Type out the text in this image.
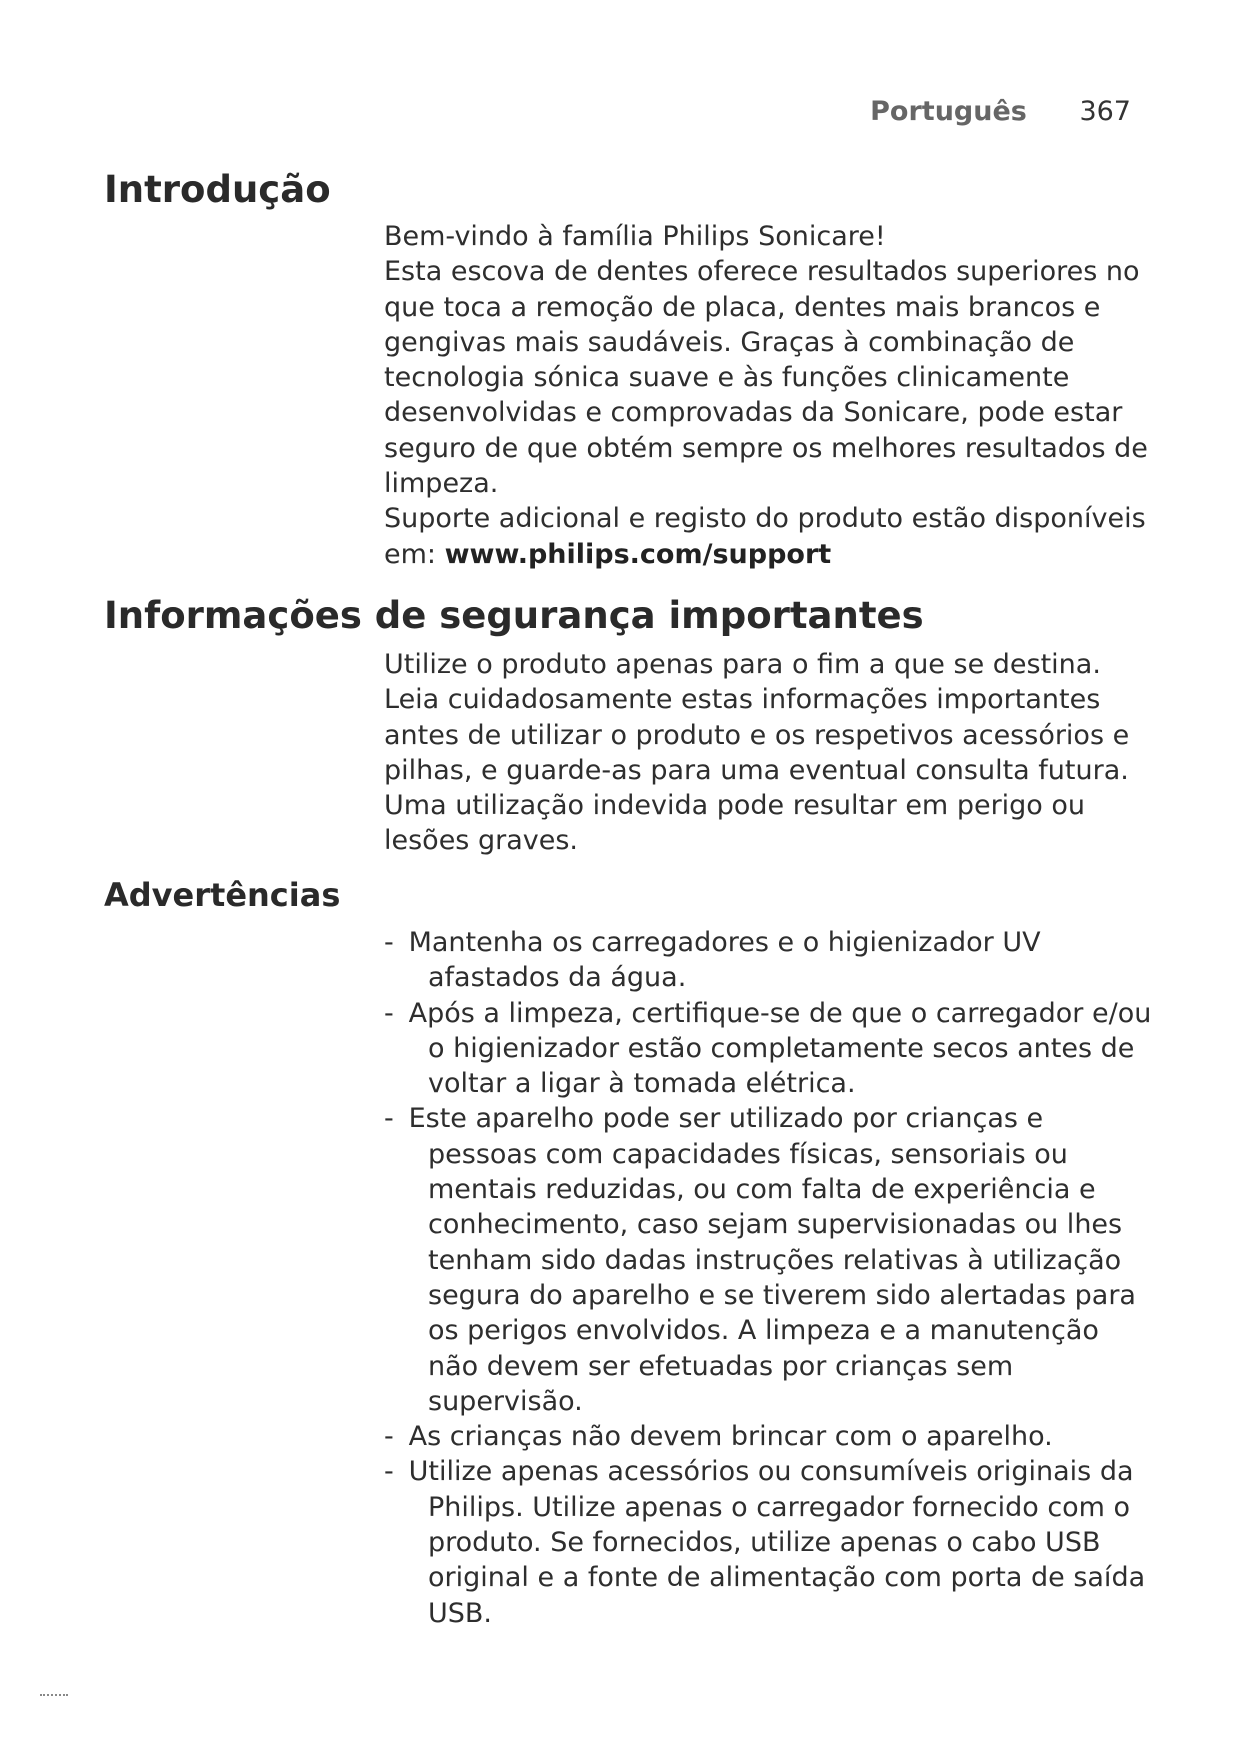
Português 367
Introdução

Bem-vindo à família Philips Sonicare!

Esta escova de dentes oferece resultados superiores no que toca a remoção de placa, dentes mais brancos e gengivas mais saudáveis. Graças à combinação de tecnologia sónica suave e às funções clinicamente desenvolvidas e comprovadas da Sonicare, pode estar seguro de que obtém sempre os melhores resultados de limpeza.

Suporte adicional e registo do produto estão disponíveis em: www.philips.com/support

Informações de segurança importantes

Utilize o produto apenas para o fim a que se destina. Leia cuidadosamente estas informações importantes antes de utilizar o produto e os respetivos acessórios e pilhas, e guarde-as para uma eventual consulta futura. Uma utilização indevida pode resultar em perigo ou lesões graves.

Advertências
- Mantenha os carregadores e o higienizador UV afastados da água.
- Após a limpeza, certifique-se de que o carregador e/ou o higienizador estão completamente secos antes de voltar a ligar à tomada elétrica.
- Este aparelho pode ser utilizado por crianças e pessoas com capacidades físicas, sensoriais ou mentais reduzidas, ou com falta de experiência e conhecimento, caso sejam supervisionadas ou lhes tenham sido dadas instruções relativas à utilização segura do aparelho e se tiverem sido alertadas para os perigos envolvidos. A limpeza e a manutenção não devem ser efetuadas por crianças sem supervisão.
- As crianças não devem brincar com o aparelho.
- Utilize apenas acessórios ou consumíveis originais da Philips. Utilize apenas o carregador fornecido com o produto. Se fornecidos, utilize apenas o cabo USB original e a fonte de alimentação com porta de saída USB.
